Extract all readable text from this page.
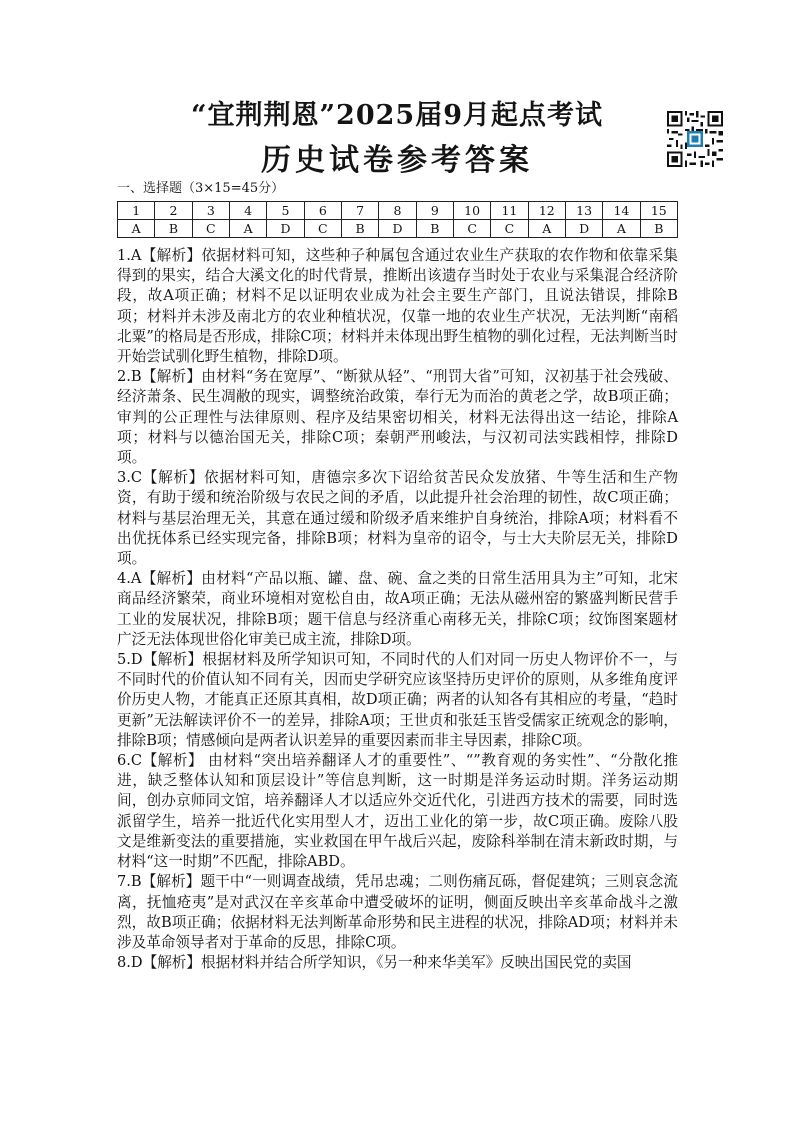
“宜荆荆恩”2025届9月起点考试
历史试卷参考答案
一、选择题（3×15=45分）
1	2	3	4	5	6	7	8	9	10	11	12	13	14	15
A	B	C	A	D	C	B	D	B	C	C	A	D	A	B

1.A【解析】依据材料可知，这些种子种属包含通过农业生产获取的农作物和依靠采集得到的果实，结合大溪文化的时代背景，推断出该遗存当时处于农业与采集混合经济阶段，故A项正确；材料不足以证明农业成为社会主要生产部门，且说法错误，排除B项；材料并未涉及南北方的农业种植状况，仅靠一地的农业生产状况，无法判断“南稻北粟”的格局是否形成，排除C项；材料并未体现出野生植物的驯化过程，无法判断当时开始尝试驯化野生植物，排除D项。

2.B【解析】由材料“务在宽厚”、“断狱从轻”、“刑罚大省”可知，汉初基于社会残破、经济萧条、民生凋敝的现实，调整统治政策，奉行无为而治的黄老之学，故B项正确；审判的公正理性与法律原则、程序及结果密切相关，材料无法得出这一结论，排除A项；材料与以德治国无关，排除C项；秦朝严刑峻法，与汉初司法实践相悖，排除D项。

3.C【解析】依据材料可知，唐德宗多次下诏给贫苦民众发放猪、牛等生活和生产物资，有助于缓和统治阶级与农民之间的矛盾，以此提升社会治理的韧性，故C项正确；材料与基层治理无关，其意在通过缓和阶级矛盾来维护自身统治，排除A项；材料看不出优抚体系已经实现完备，排除B项；材料为皇帝的诏令，与士大夫阶层无关，排除D项。

4.A【解析】由材料“产品以瓶、罐、盘、碗、盒之类的日常生活用具为主”可知，北宋商品经济繁荣，商业环境相对宽松自由，故A项正确；无法从磁州窑的繁盛判断民营手工业的发展状况，排除B项；题干信息与经济重心南移无关，排除C项；纹饰图案题材广泛无法体现世俗化审美已成主流，排除D项。

5.D【解析】根据材料及所学知识可知，不同时代的人们对同一历史人物评价不一，与不同时代的价值认知不同有关，因而史学研究应该坚持历史评价的原则，从多维角度评价历史人物，才能真正还原其真相，故D项正确；两者的认知各有其相应的考量，“趋时更新”无法解读评价不一的差异，排除A项；王世贞和张廷玉皆受儒家正统观念的影响，排除B项；情感倾向是两者认识差异的重要因素而非主导因素，排除C项。

6.C【解析】 由材料“突出培养翻译人才的重要性”、“”教育观的务实性”、“分散化推进，缺乏整体认知和顶层设计”等信息判断，这一时期是洋务运动时期。洋务运动期间，创办京师同文馆，培养翻译人才以适应外交近代化，引进西方技术的需要，同时选派留学生，培养一批近代化实用型人才，迈出工业化的第一步，故C项正确。废除八股文是维新变法的重要措施，实业救国在甲午战后兴起，废除科举制在清末新政时期，与材料“这一时期”不匹配，排除ABD。

7.B【解析】题干中“一则调查战绩，凭吊忠魂；二则伤痛瓦砾，督促建筑；三则哀念流离，抚恤疮夷”是对武汉在辛亥革命中遭受破坏的证明，侧面反映出辛亥革命战斗之激烈，故B项正确；依据材料无法判断革命形势和民主进程的状况，排除AD项；材料并未涉及革命领导者对于革命的反思，排除C项。

8.D【解析】根据材料并结合所学知识，《另一种来华美军》反映出国民党的卖国
